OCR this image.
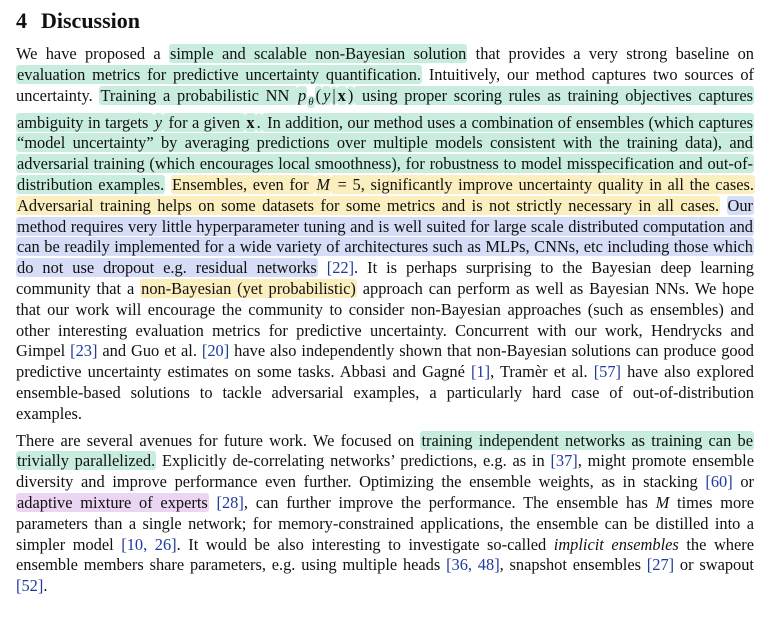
4 Discussion

We have proposed a simple and scalable non-Bayesian solution that provides a very strong baseline on evaluation metrics for predictive uncertainty quantification. Intuitively, our method captures two sources of uncertainty. Training a probabilistic NN p $_\theta$ ( y | x ) using proper scoring rules as training objectives captures ambiguity in targets y for a given x . In addition, our method uses a combination of ensembles (which captures “model uncertainty” by averaging predictions over multiple models consistent with the training data), and adversarial training (which encourages local smoothness), for robustness to model misspecification and out-of-distribution examples. Ensembles, even for M = 5, significantly improve uncertainty quality in all the cases. Adversarial training helps on some datasets for some metrics and is not strictly necessary in all cases. Our method requires very little hyperparameter tuning and is well suited for large scale distributed computation and can be readily implemented for a wide variety of architectures such as MLPs, CNNs, etc including those which do not use dropout e.g. residual networks [22]. It is perhaps surprising to the Bayesian deep learning community that a non-Bayesian (yet probabilistic) approach can perform as well as Bayesian NNs. We hope that our work will encourage the community to consider non-Bayesian approaches (such as ensembles) and other interesting evaluation metrics for predictive uncertainty. Concurrent with our work, Hendrycks and Gimpel [23] and Guo et al. [20] have also independently shown that non-Bayesian solutions can produce good predictive uncertainty estimates on some tasks. Abbasi and Gagné [1], Tramèr et al. [57] have also explored ensemble-based solutions to tackle adversarial examples, a particularly hard case of out-of-distribution examples.

There are several avenues for future work. We focused on training independent networks as training can be trivially parallelized. Explicitly de-correlating networks’ predictions, e.g. as in [37], might promote ensemble diversity and improve performance even further. Optimizing the ensemble weights, as in stacking [60] or adaptive mixture of experts [28], can further improve the performance. The ensemble has M times more parameters than a single network; for memory-constrained applications, the ensemble can be distilled into a simpler model [10, 26]. It would be also interesting to investigate so-called implicit ensembles the where ensemble members share parameters, e.g. using multiple heads [36, 48], snapshot ensembles [27] or swapout [52].
